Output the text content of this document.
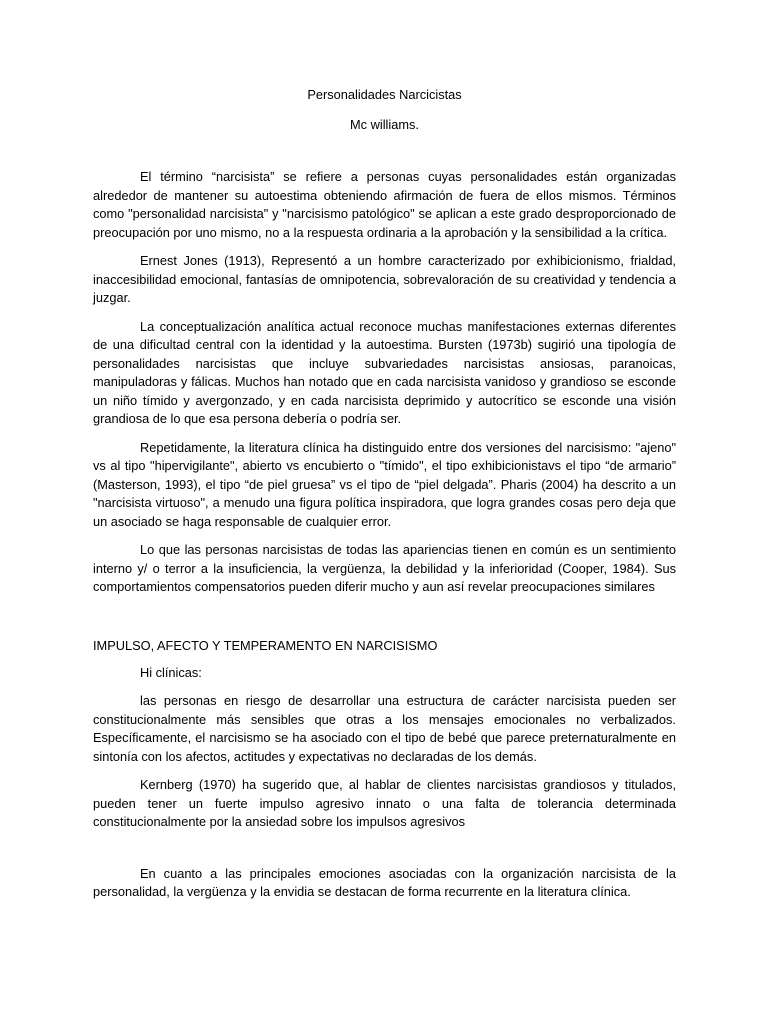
Personalidades Narcicistas
Mc williams.

El término “narcisista” se refiere a personas cuyas personalidades están organizadas alrededor de mantener su autoestima obteniendo afirmación de fuera de ellos mismos. Términos como "personalidad narcisista" y "narcisismo patológico" se aplican a este grado desproporcionado de preocupación por uno mismo, no a la respuesta ordinaria a la aprobación y la sensibilidad a la crítica.

Ernest Jones (1913), Representó a un hombre caracterizado por exhibicionismo, frialdad, inaccesibilidad emocional, fantasías de omnipotencia, sobrevaloración de su creatividad y tendencia a juzgar.

La conceptualización analítica actual reconoce muchas manifestaciones externas diferentes de una dificultad central con la identidad y la autoestima. Bursten (1973b) sugirió una tipología de personalidades narcisistas que incluye subvariedades narcisistas ansiosas, paranoicas, manipuladoras y fálicas. Muchos han notado que en cada narcisista vanidoso y grandioso se esconde un niño tímido y avergonzado, y en cada narcisista deprimido y autocrítico se esconde una visión grandiosa de lo que esa persona debería o podría ser.

Repetidamente, la literatura clínica ha distinguido entre dos versiones del narcisismo: "ajeno" vs al tipo "hipervigilante", abierto vs encubierto o "tímido", el tipo exhibicionistavs el tipo “de armario” (Masterson, 1993), el tipo “de piel gruesa” vs el tipo de “piel delgada”. Pharis (2004) ha descrito a un "narcisista virtuoso", a menudo una figura política inspiradora, que logra grandes cosas pero deja que un asociado se haga responsable de cualquier error.

Lo que las personas narcisistas de todas las apariencias tienen en común es un sentimiento interno y/ o terror a la insuficiencia, la vergüenza, la debilidad y la inferioridad (Cooper, 1984). Sus comportamientos compensatorios pueden diferir mucho y aun así revelar preocupaciones similares

IMPULSO, AFECTO Y TEMPERAMENTO EN NARCISISMO

Hi clínicas:

las personas en riesgo de desarrollar una estructura de carácter narcisista pueden ser constitucionalmente más sensibles que otras a los mensajes emocionales no verbalizados. Específicamente, el narcisismo se ha asociado con el tipo de bebé que parece preternaturalmente en sintonía con los afectos, actitudes y expectativas no declaradas de los demás.

Kernberg (1970) ha sugerido que, al hablar de clientes narcisistas grandiosos y titulados, pueden tener un fuerte impulso agresivo innato o una falta de tolerancia determinada constitucionalmente por la ansiedad sobre los impulsos agresivos

En cuanto a las principales emociones asociadas con la organización narcisista de la personalidad, la vergüenza y la envidia se destacan de forma recurrente en la literatura clínica.
